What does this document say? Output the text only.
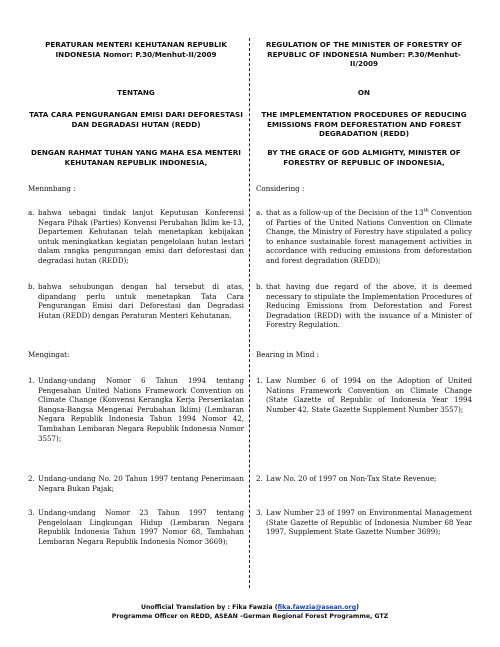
PERATURAN MENTERI KEHUTANAN REPUBLIK INDONESIA Nomor: P.30/Menhut-II/2009
TENTANG
TATA CARA PENGURANGAN EMISI DARI DEFORESTASI DAN DEGRADASI HUTAN (REDD)
DENGAN RAHMAT TUHAN YANG MAHA ESA MENTERI KEHUTANAN REPUBLIK INDONESIA,
Menimbang :
a. bahwa sebagai tindak lanjut Keputusan Konferensi Negara Pihak (Parties) Konvensi Perubahan Iklim ke-13, Departemen Kehutanan telah menetapkan kebijakan untuk meningkatkan kegiatan pengelolaan hutan lestari dalam rangka pengurangan emisi dari deforestasi dan degradasi hutan (REDD);
b. bahwa sehubungan dengan hal tersebut di atas, dipandang perlu untuk menetapkan Tata Cara Pengurangan Emisi dari Deforestasi dan Degradasi Hutan (REDD) dengan Peraturan Menteri Kehutanan.
Mengingat:
1. Undang-undang Nomor 6 Tahun 1994 tentang Pengesahan United Nations Framework Convention on Climate Change (Konvensi Kerangka Kerja Perserikatan Bangsa-Bangsa Mengenai Perubahan Iklim) (Lembaran Negara Republik Indonesia Tahun 1994 Nomor 42, Tambahan Lembaran Negara Republik Indonesia Nomor 3557);
2. Undang-undang No. 20 Tahun 1997 tentang Penerimaan Negara Bukan Pajak;
3. Undang-undang Nomor 23 Tahun 1997 tentang Pengelolaan Lingkungan Hidup (Lembaran Negara Republik Indonesia Tahun 1997 Nomor 68, Tambahan Lembaran Negara Republik Indonesia Nomor 3669);
REGULATION OF THE MINISTER OF FORESTRY OF REPUBLIC OF INDONESIA Number: P.30/Menhut-II/2009
ON
THE IMPLEMENTATION PROCEDURES OF REDUCING EMISSIONS FROM DEFORESTATION AND FOREST DEGRADATION (REDD)
BY THE GRACE OF GOD ALMIGHTY, MINISTER OF FORESTRY OF REPUBLIC OF INDONESIA,
Considering :
a. that as a follow-up of the Decision of the 13th Convention of Parties of the United Nations Convention on Climate Change, the Ministry of Forestry have stipulated a policy to enhance sustainable forest management activities in accordance with reducing emissions from deforestation and forest degradation (REDD);
b. that having due regard of the above, it is deemed necessary to stipulate the Implementation Procedures of Reducing Emissions from Deforestation and Forest Degradation (REDD) with the issuance of a Minister of Forestry Regulation.
Bearing in Mind :
1. Law Number 6 of 1994 on the Adoption of United Nations Framework Convention on Climate Change (State Gazette of Republic of Indonesia Year 1994 Number 42, State Gazette Supplement Number 3557);
2. Law No. 20 of 1997 on Non-Tax State Revenue;
3. Law Number 23 of 1997 on Environmental Management (State Gazette of Republic of Indonesia Number 68 Year 1997, Supplement State Gazette Number 3699);
Unofficial Translation by : Fika Fawzia (fika.fawzia@asean.org)
Programme Officer on REDD, ASEAN –German Regional Forest Programme, GTZ
